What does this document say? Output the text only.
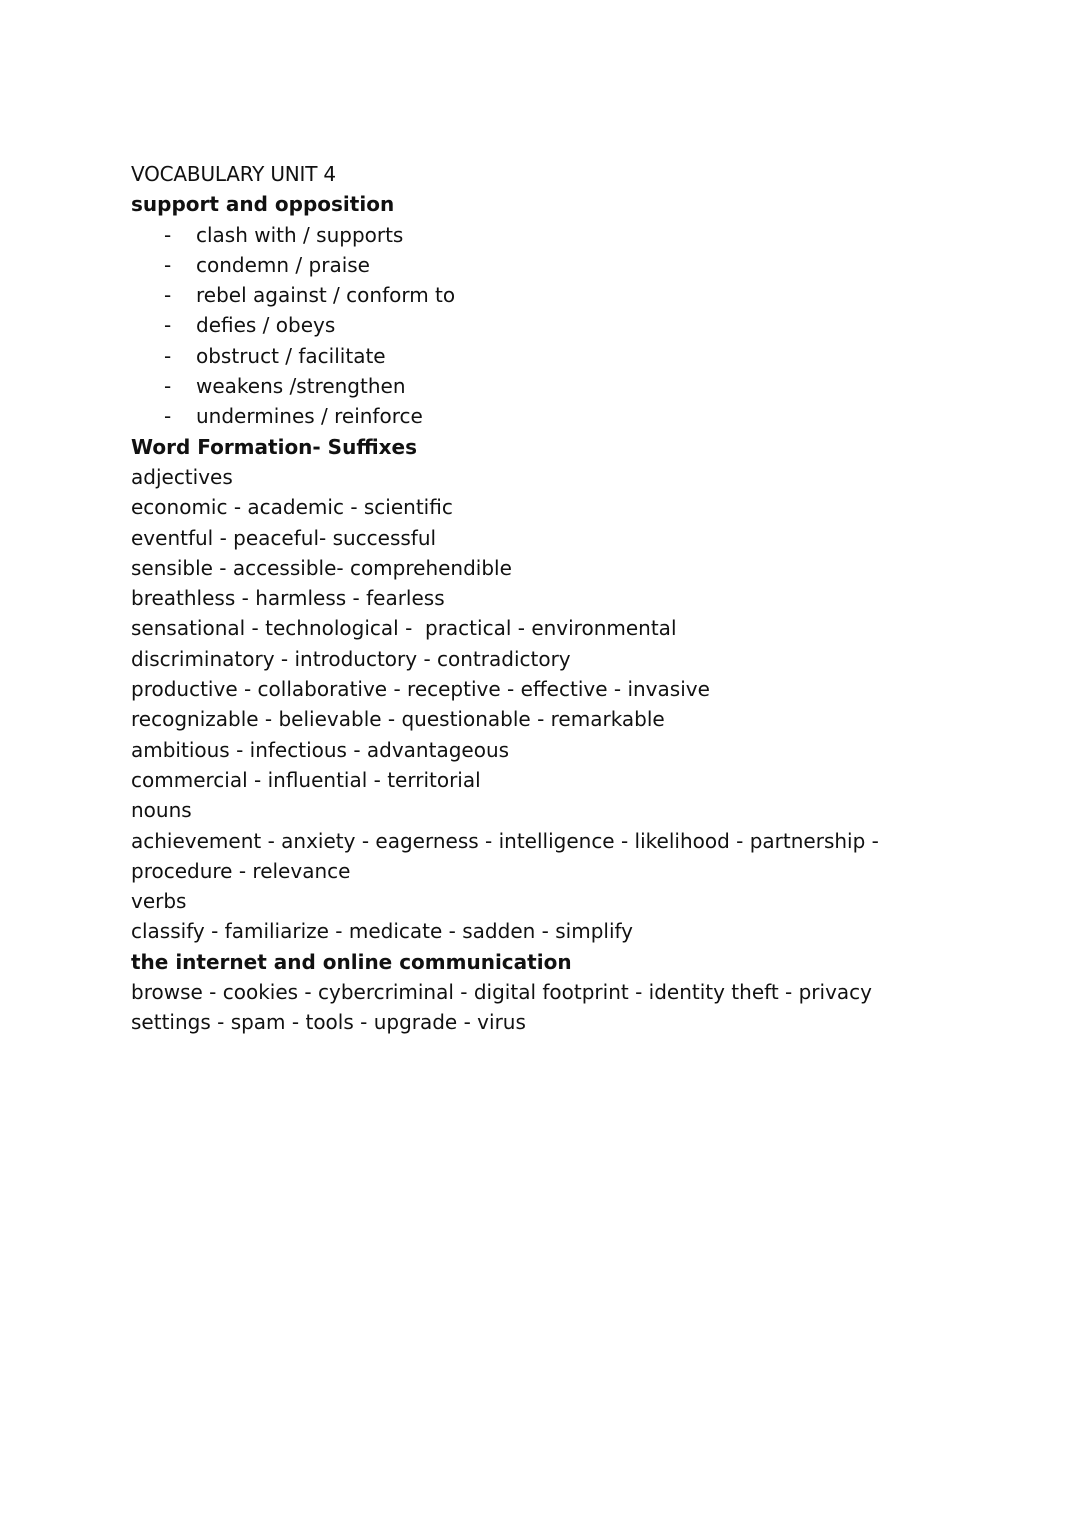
VOCABULARY UNIT 4
support and opposition
- clash with / supports
- condemn / praise
- rebel against / conform to
- defies / obeys
- obstruct / facilitate
- weakens /strengthen
- undermines / reinforce
Word Formation- Suffixes
adjectives
economic - academic - scientific
eventful - peaceful- successful
sensible - accessible- comprehendible
breathless - harmless - fearless
sensational - technological -  practical - environmental
discriminatory - introductory - contradictory
productive - collaborative - receptive - effective - invasive
recognizable - believable - questionable - remarkable
ambitious - infectious - advantageous
commercial - influential - territorial
nouns
achievement - anxiety - eagerness - intelligence - likelihood - partnership -
procedure - relevance
verbs
classify - familiarize - medicate - sadden - simplify
the internet and online communication
browse - cookies - cybercriminal - digital footprint - identity theft - privacy
settings - spam - tools - upgrade - virus
